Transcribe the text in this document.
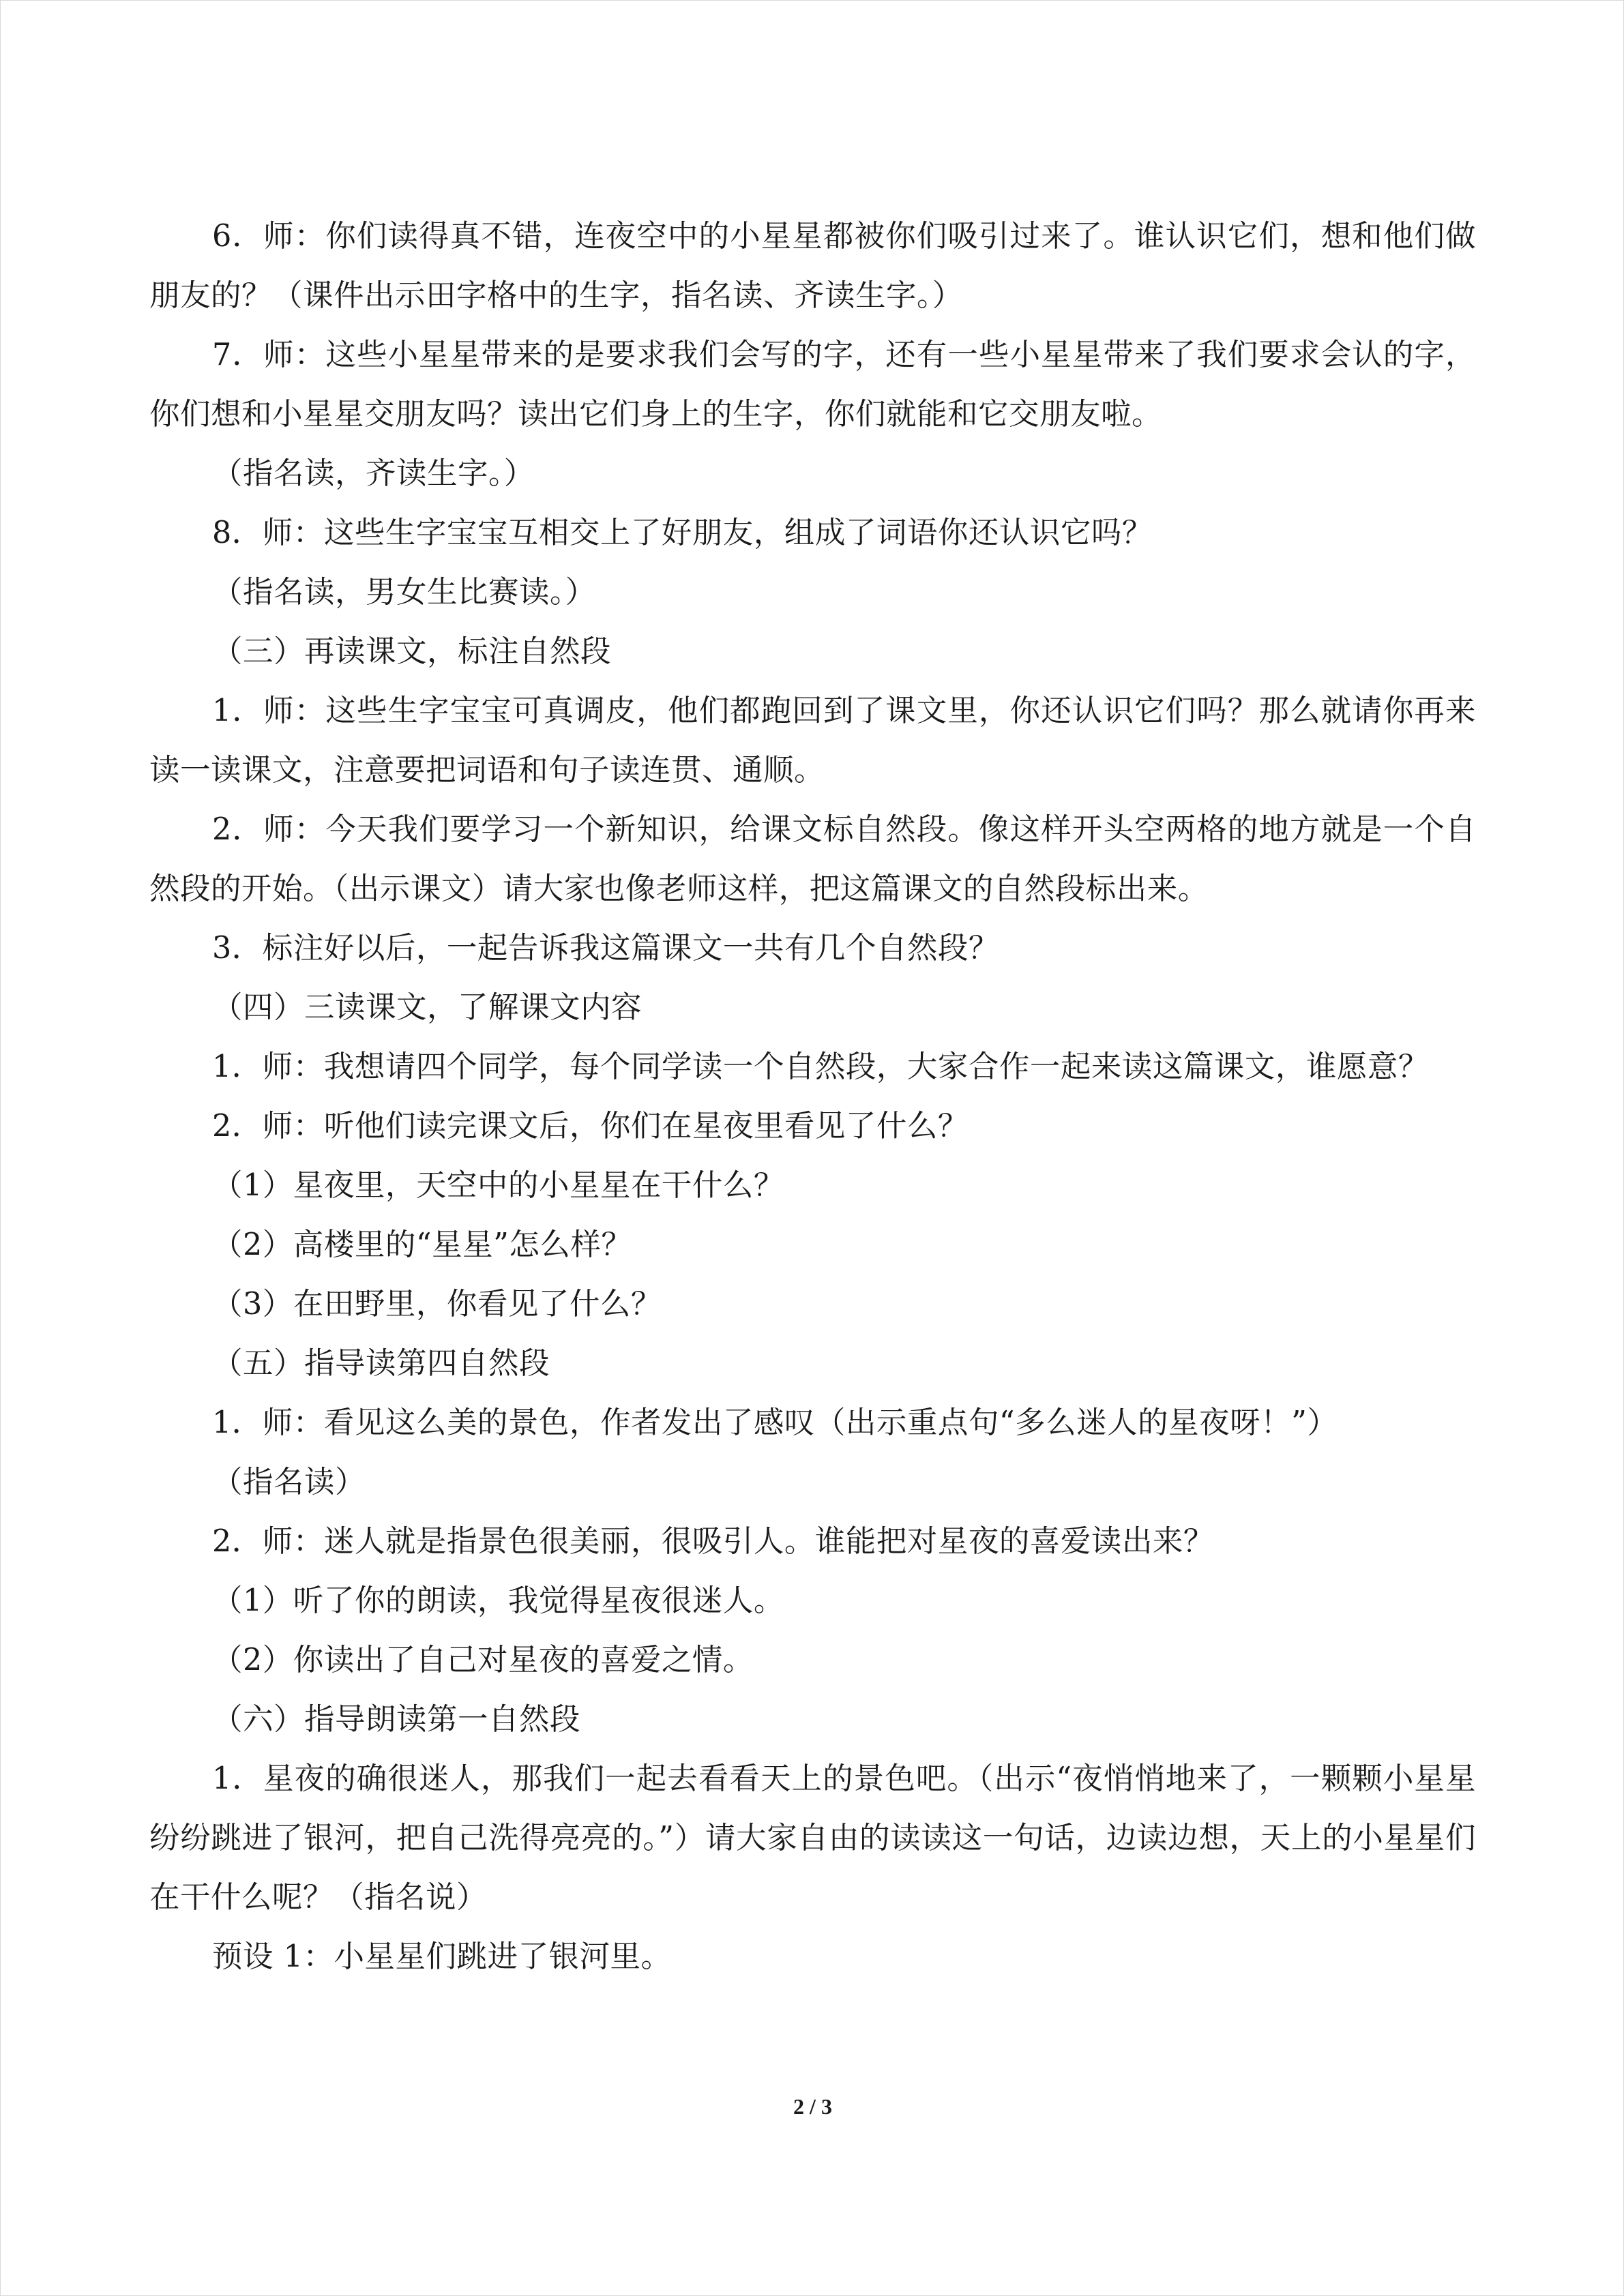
6．师：你们读得真不错，连夜空中的小星星都被你们吸引过来了。谁认识它们，想和他们做朋友的？（课件出示田字格中的生字，指名读、齐读生字。）

7．师：这些小星星带来的是要求我们会写的字，还有一些小星星带来了我们要求会认的字，你们想和小星星交朋友吗？读出它们身上的生字，你们就能和它交朋友啦。

（指名读，齐读生字。）

8．师：这些生字宝宝互相交上了好朋友，组成了词语你还认识它吗？

（指名读，男女生比赛读。）

（三）再读课文，标注自然段

1．师：这些生字宝宝可真调皮，他们都跑回到了课文里，你还认识它们吗？那么就请你再来读一读课文，注意要把词语和句子读连贯、通顺。

2．师：今天我们要学习一个新知识，给课文标自然段。像这样开头空两格的地方就是一个自然段的开始。（出示课文）请大家也像老师这样，把这篇课文的自然段标出来。

3．标注好以后，一起告诉我这篇课文一共有几个自然段？

（四）三读课文，了解课文内容

1．师：我想请四个同学，每个同学读一个自然段，大家合作一起来读这篇课文，谁愿意？

2．师：听他们读完课文后，你们在星夜里看见了什么？

（1）星夜里，天空中的小星星在干什么？

（2）高楼里的“星星”怎么样？

（3）在田野里，你看见了什么？

（五）指导读第四自然段

1．师：看见这么美的景色，作者发出了感叹（出示重点句“多么迷人的星夜呀！”）

（指名读）

2．师：迷人就是指景色很美丽，很吸引人。谁能把对星夜的喜爱读出来？

（1）听了你的朗读，我觉得星夜很迷人。

（2）你读出了自己对星夜的喜爱之情。

（六）指导朗读第一自然段

1．星夜的确很迷人，那我们一起去看看天上的景色吧。（出示“夜悄悄地来了，一颗颗小星星纷纷跳进了银河，把自己洗得亮亮的。”）请大家自由的读读这一句话，边读边想，天上的小星星们在干什么呢？（指名说）

预设 1：小星星们跳进了银河里。

2 / 3
